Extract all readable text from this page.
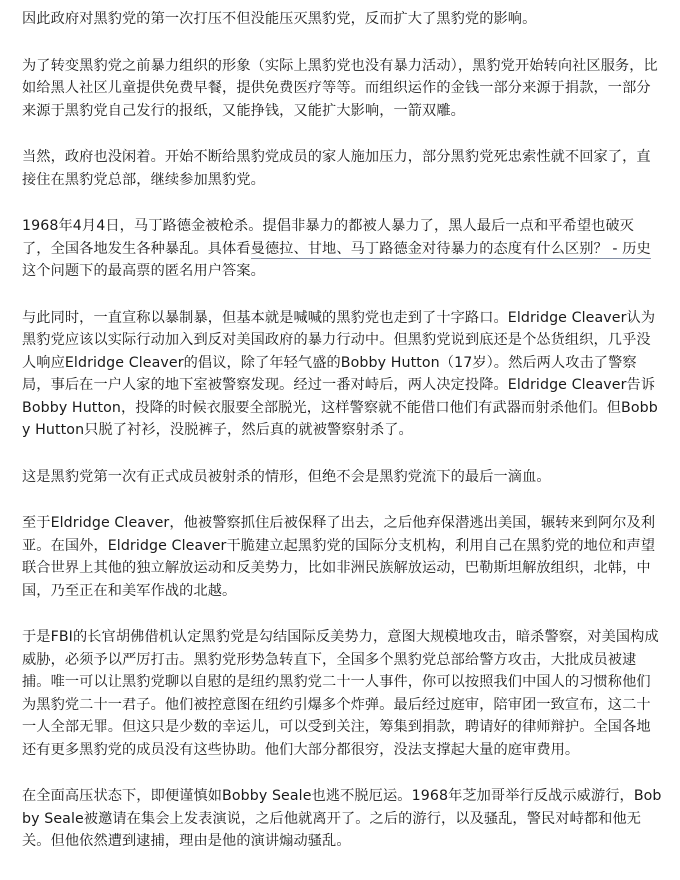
因此政府对黑豹党的第一次打压不但没能压灭黑豹党，反而扩大了黑豹党的影响。

为了转变黑豹党之前暴力组织的形象（实际上黑豹党也没有暴力活动），黑豹党开始转向社区服务，比如给黑人社区儿童提供免费早餐，提供免费医疗等等。而组织运作的金钱一部分来源于捐款，一部分来源于黑豹党自己发行的报纸，又能挣钱，又能扩大影响，一箭双雕。

当然，政府也没闲着。开始不断给黑豹党成员的家人施加压力，部分黑豹党死忠索性就不回家了，直接住在黑豹党总部，继续参加黑豹党。

1968年4月4日，马丁路德金被枪杀。提倡非暴力的都被人暴力了，黑人最后一点和平希望也破灭了，全国各地发生各种暴乱。具体看曼德拉、甘地、马丁路德金对待暴力的态度有什么区别？ - 历史这个问题下的最高票的匿名用户答案。

与此同时，一直宣称以暴制暴，但基本就是喊喊的黑豹党也走到了十字路口。Eldridge Cleaver认为黑豹党应该以实际行动加入到反对美国政府的暴力行动中。但黑豹党说到底还是个怂货组织，几乎没人响应Eldridge Cleaver的倡议，除了年轻气盛的Bobby Hutton（17岁）。然后两人攻击了警察局，事后在一户人家的地下室被警察发现。经过一番对峙后，两人决定投降。Eldridge Cleaver告诉Bobby Hutton，投降的时候衣服要全部脱光，这样警察就不能借口他们有武器而射杀他们。但Bobby Hutton只脱了衬衫，没脱裤子，然后真的就被警察射杀了。

这是黑豹党第一次有正式成员被射杀的情形，但绝不会是黑豹党流下的最后一滴血。

至于Eldridge Cleaver，他被警察抓住后被保释了出去，之后他弃保潜逃出美国，辗转来到阿尔及利亚。在国外，Eldridge Cleaver干脆建立起黑豹党的国际分支机构，利用自己在黑豹党的地位和声望联合世界上其他的独立解放运动和反美势力，比如非洲民族解放运动，巴勒斯坦解放组织，北韩，中国，乃至正在和美军作战的北越。

于是FBI的长官胡佛借机认定黑豹党是勾结国际反美势力，意图大规模地攻击，暗杀警察，对美国构成威胁，必须予以严厉打击。黑豹党形势急转直下，全国多个黑豹党总部给警方攻击，大批成员被逮捕。唯一可以让黑豹党聊以自慰的是纽约黑豹党二十一人事件，你可以按照我们中国人的习惯称他们为黑豹党二十一君子。他们被控意图在纽约引爆多个炸弹。最后经过庭审，陪审团一致宣布，这二十一人全部无罪。但这只是少数的幸运儿，可以受到关注，筹集到捐款，聘请好的律师辩护。全国各地还有更多黑豹党的成员没有这些协助。他们大部分都很穷，没法支撑起大量的庭审费用。

在全面高压状态下，即便谨慎如Bobby Seale也逃不脱厄运。1968年芝加哥举行反战示威游行，Bobby Seale被邀请在集会上发表演说，之后他就离开了。之后的游行，以及骚乱，警民对峙都和他无关。但他依然遭到逮捕，理由是他的演讲煽动骚乱。
